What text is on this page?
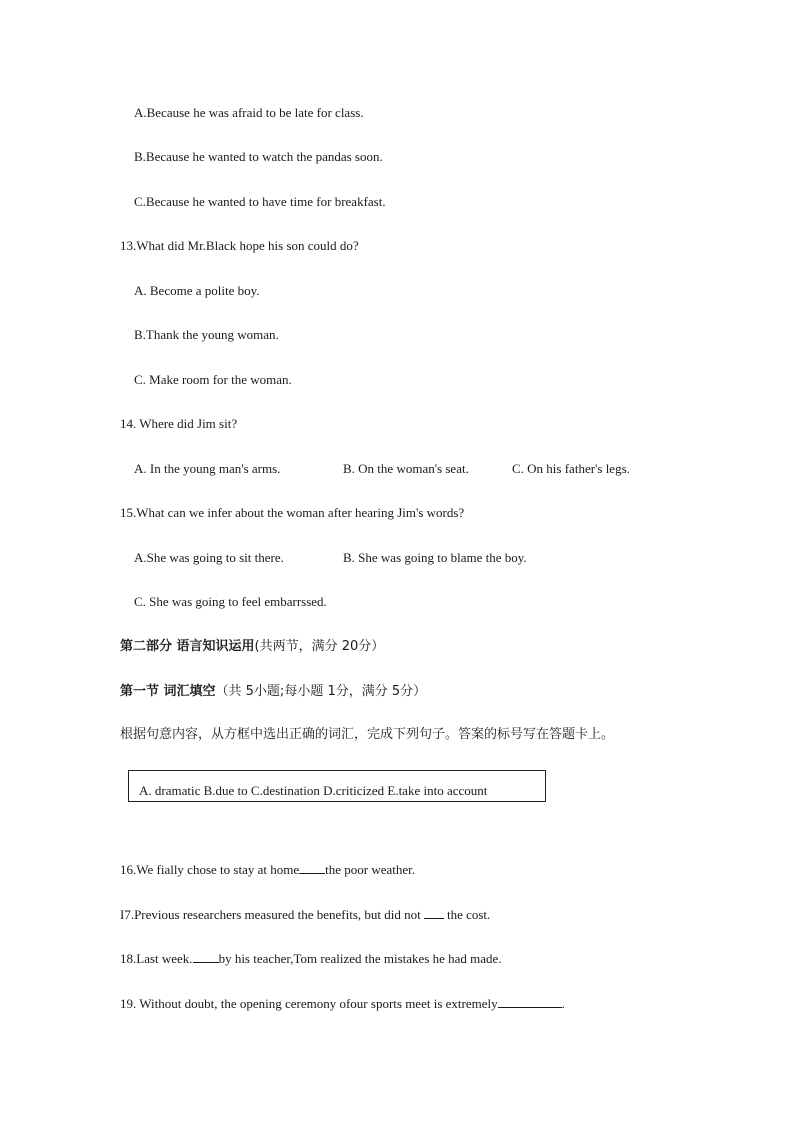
A.Because he was afraid to be late for class.
B.Because he wanted to watch the pandas soon.
C.Because he wanted to have time for breakfast.
13.What did Mr.Black hope his son could do?
A. Become a polite boy.
B.Thank the young woman.
C. Make room for the woman.
14. Where did Jim sit?
A. In the young man's arms.	B. On the woman's seat.	C. On his father's legs.
15.What can we infer about the woman after hearing Jim's words?
A.She was going to sit there.	B. She was going to blame the boy.
C. She was going to feel embarrssed.
第二部分 语言知识运用(共两节，满分 20分）
第一节 词汇填空（共 5小题;每小题 1分，满分 5分）
根据句意内容，从方框中选出正确的词汇，完成下列句子。答案的标号写在答题卡上。
A. dramatic B.due to C.destination D.criticized E.take into account
16.We fially chose to stay at home the poor weather.
I7.Previous researchers measured the benefits, but did not the cost.
18.Last week. by his teacher,Tom realized the mistakes he had made.
19. Without doubt, the opening ceremony ofour sports meet is extremely	.
